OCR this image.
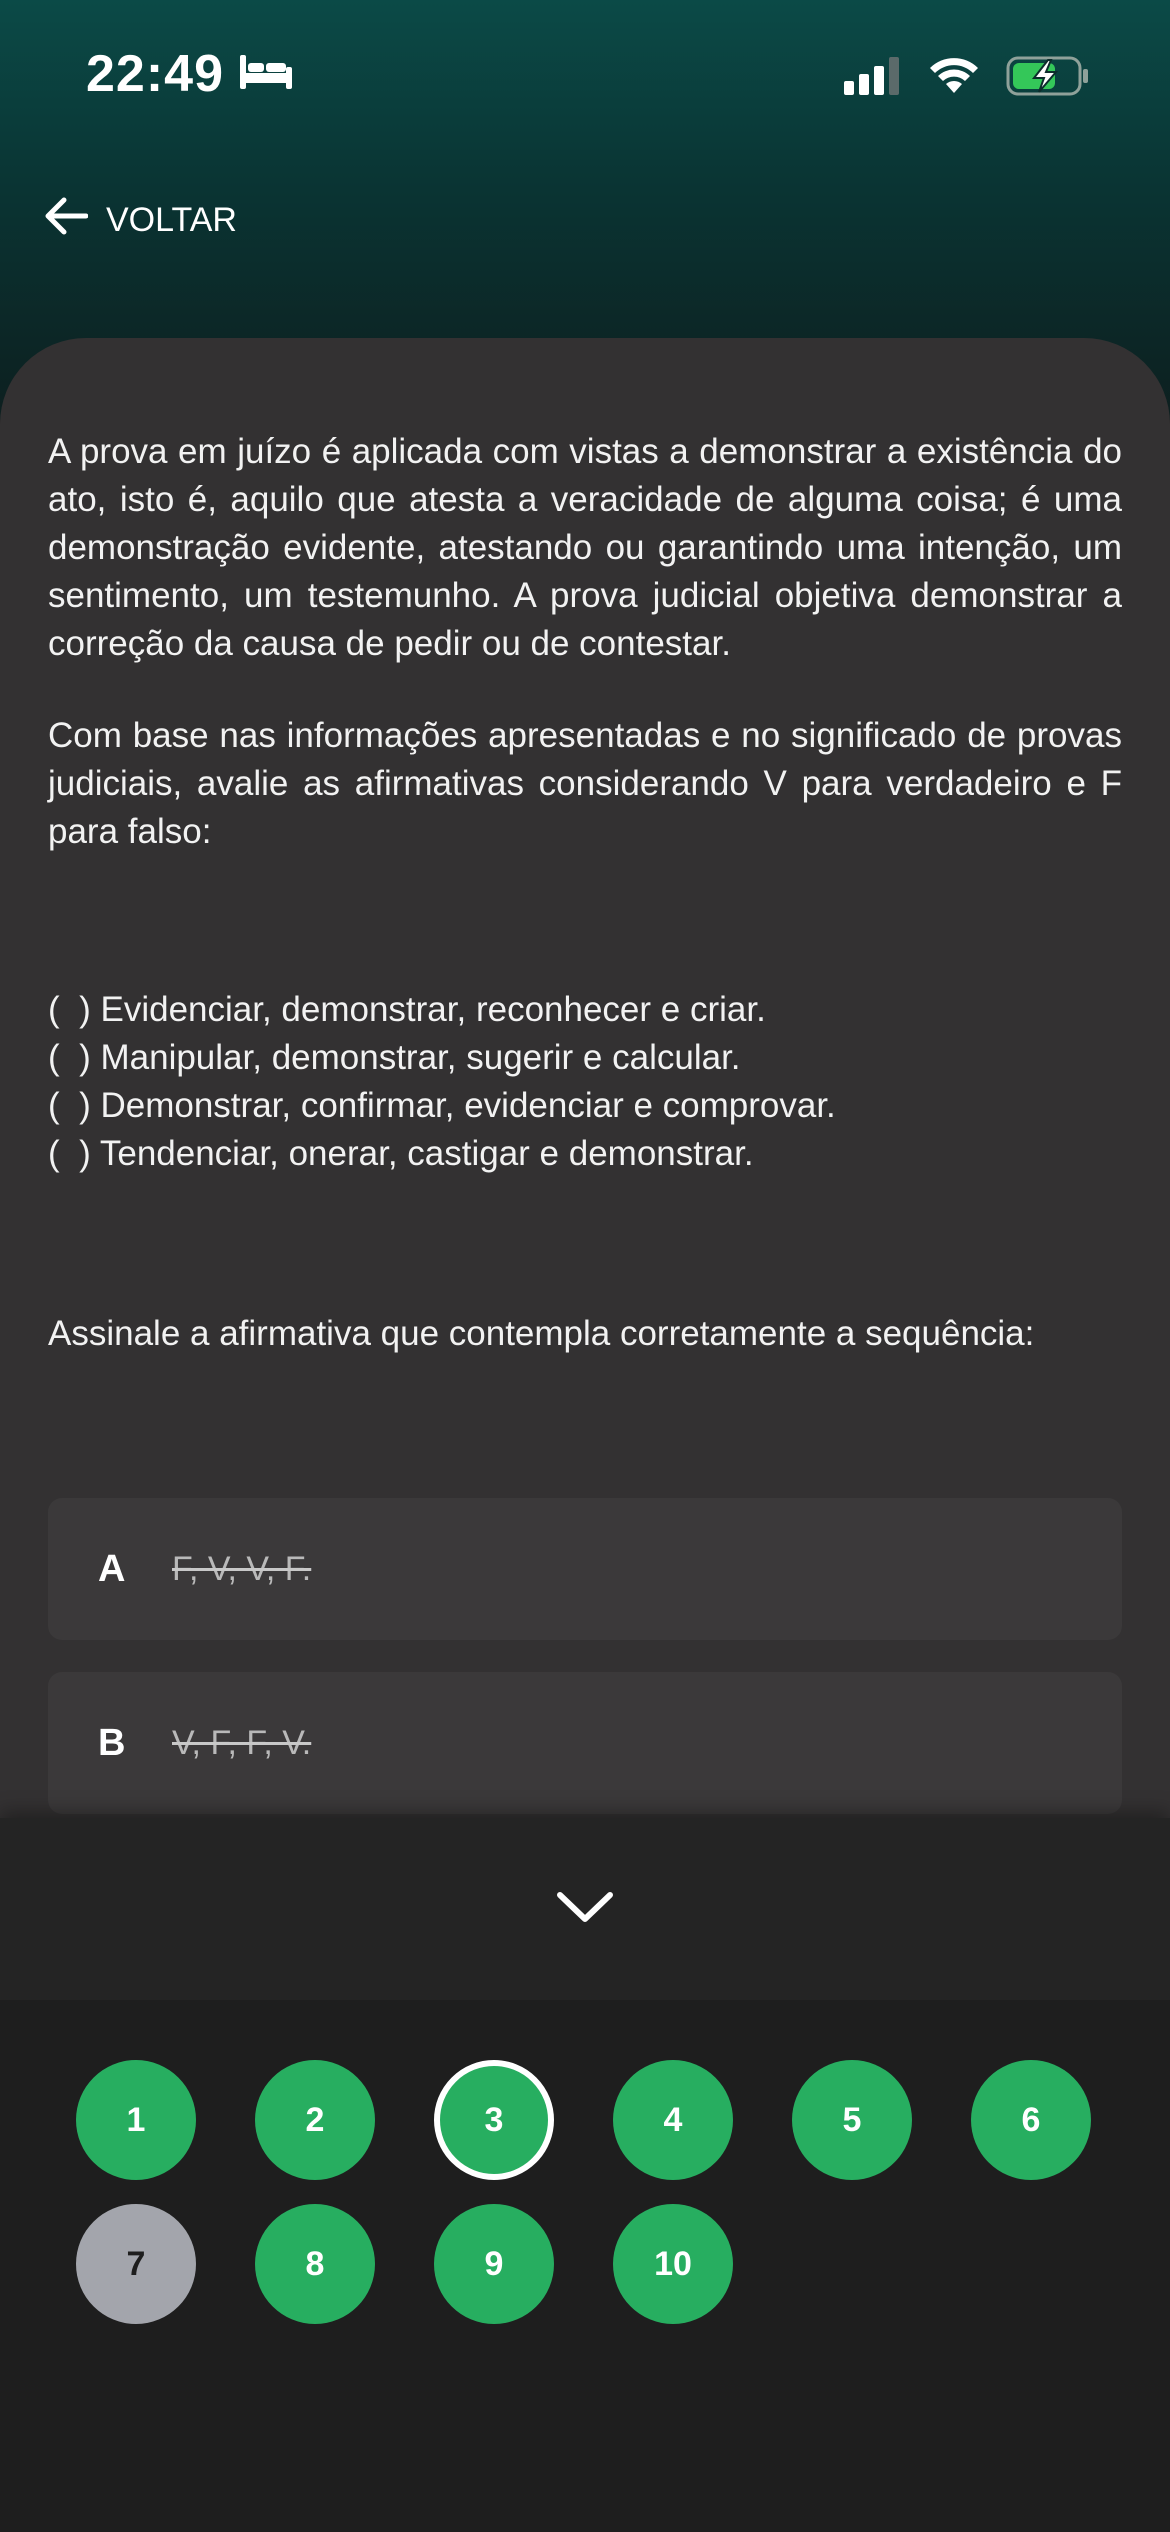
22:49
VOLTAR

A prova em juízo é aplicada com vistas a demonstrar a existência do ato, isto é, aquilo que atesta a veracidade de alguma coisa; é uma demonstração evidente, atestando ou garantindo uma intenção, um sentimento, um testemunho. A prova judicial objetiva demonstrar a correção da causa de pedir ou de contestar.

Com base nas informações apresentadas e no significado de provas judiciais, avalie as afirmativas considerando V para verdadeiro e F para falso:

(  ) Evidenciar, demonstrar, reconhecer e criar.
(  ) Manipular, demonstrar, sugerir e calcular.
(  ) Demonstrar, confirmar, evidenciar e comprovar.
(  ) Tendenciar, onerar, castigar e demonstrar.
Assinale a afirmativa que contempla corretamente a sequência:
A	F, V, V, F.
B	V, F, F, V.
1	2	3	4	5	6
7	8	9	10
